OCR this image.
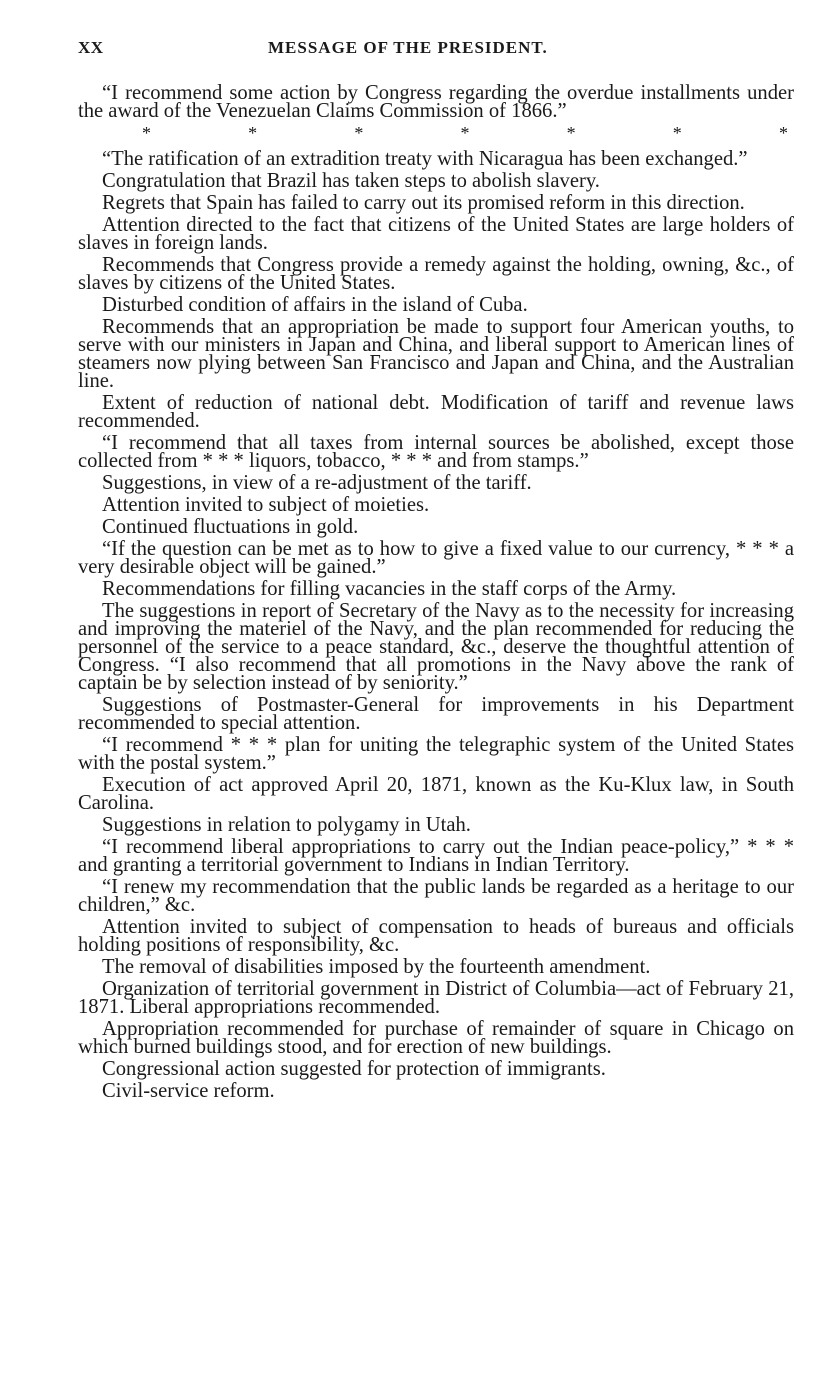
XX	MESSAGE OF THE PRESIDENT.

“I recommend some action by Congress regarding the overdue installments under the award of the Venezuelan Claims Commission of 1866.”

*	*	*	*	*	*	*

“The ratification of an extradition treaty with Nicaragua has been exchanged.”

Congratulation that Brazil has taken steps to abolish slavery.

Regrets that Spain has failed to carry out its promised reform in this direction.

Attention directed to the fact that citizens of the United States are large holders of slaves in foreign lands.

Recommends that Congress provide a remedy against the holding, owning, &c., of slaves by citizens of the United States.

Disturbed condition of affairs in the island of Cuba.

Recommends that an appropriation be made to support four American youths, to serve with our ministers in Japan and China, and liberal support to American lines of steamers now plying between San Francisco and Japan and China, and the Australian line.

Extent of reduction of national debt. Modification of tariff and revenue laws recommended.

“I recommend that all taxes from internal sources be abolished, except those collected from * * * liquors, tobacco, * * * and from stamps.”

Suggestions, in view of a re-adjustment of the tariff.

Attention invited to subject of moieties.

Continued fluctuations in gold.

“If the question can be met as to how to give a fixed value to our currency, * * * a very desirable object will be gained.”

Recommendations for filling vacancies in the staff corps of the Army.

The suggestions in report of Secretary of the Navy as to the necessity for increasing and improving the materiel of the Navy, and the plan recommended for reducing the personnel of the service to a peace standard, &c., deserve the thoughtful attention of Congress. “I also recommend that all promotions in the Navy above the rank of captain be by selection instead of by seniority.”

Suggestions of Postmaster-General for improvements in his Department recommended to special attention.

“I recommend * * * plan for uniting the telegraphic system of the United States with the postal system.”

Execution of act approved April 20, 1871, known as the Ku-Klux law, in South Carolina.

Suggestions in relation to polygamy in Utah.

“I recommend liberal appropriations to carry out the Indian peace-policy,” * * * and granting a territorial government to Indians in Indian Territory.

“I renew my recommendation that the public lands be regarded as a heritage to our children,” &c.

Attention invited to subject of compensation to heads of bureaus and officials holding positions of responsibility, &c.

The removal of disabilities imposed by the fourteenth amendment.

Organization of territorial government in District of Columbia—act of February 21, 1871. Liberal appropriations recommended.

Appropriation recommended for purchase of remainder of square in Chicago on which burned buildings stood, and for erection of new buildings.

Congressional action suggested for protection of immigrants.

Civil-service reform.
